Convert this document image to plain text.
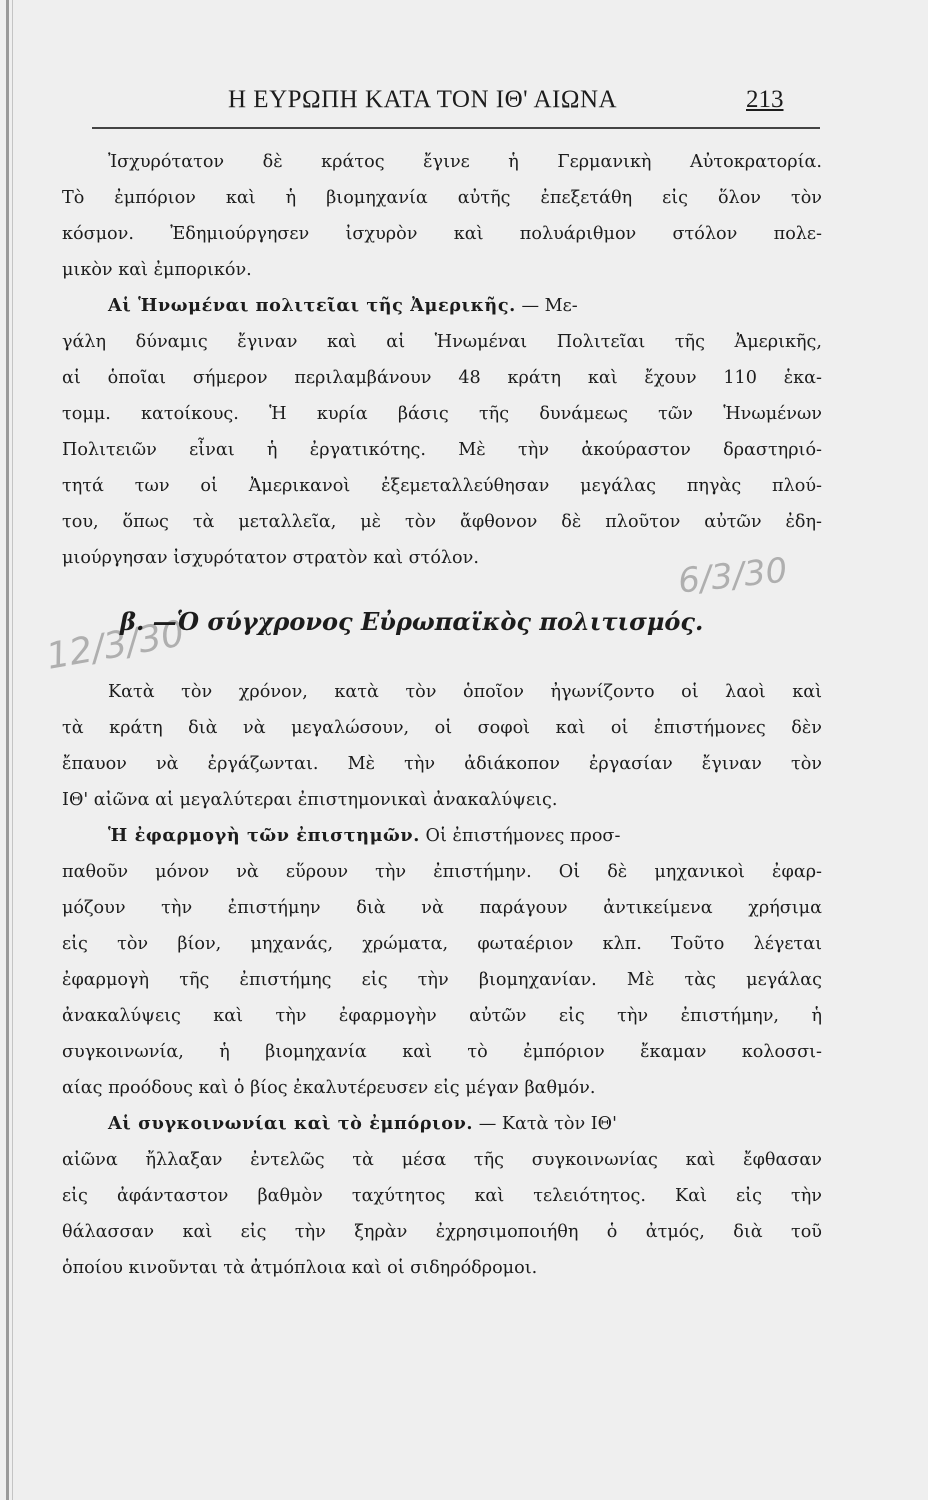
Η ΕΥΡΩΠΗ ΚΑΤΑ ΤΟΝ ΙΘ' ΑΙΩΝΑ	213
Ἰσχυρότατον δὲ κράτος ἔγινε ἡ Γερμανικὴ Αὐτοκρατορία.
Τὸ ἐμπόριον καὶ ἡ βιομηχανία αὐτῆς ἐπεξετάθη εἰς ὅλον τὸν
κόσμον. Ἐδημιούργησεν ἰσχυρὸν καὶ πολυάριθμον στόλον πολε-
μικὸν καὶ ἐμπορικόν.
Αἱ Ἡνωμέναι πολιτεῖαι τῆς Ἀμερικῆς. — Με-
γάλη δύναμις ἔγιναν καὶ αἱ Ἡνωμέναι Πολιτεῖαι τῆς Ἀμερικῆς,
αἱ ὁποῖαι σήμερον περιλαμβάνουν 48 κράτη καὶ ἔχουν 110 ἑκα-
τομμ. κατοίκους. Ἡ κυρία βάσις τῆς δυνάμεως τῶν Ἡνωμένων
Πολιτειῶν εἶναι ἡ ἐργατικότης. Μὲ τὴν ἀκούραστον δραστηριό-
τητά των οἱ Ἀμερικανοὶ ἐξεμεταλλεύθησαν μεγάλας πηγὰς πλού-
του, ὅπως τὰ μεταλλεῖα, μὲ τὸν ἄφθονον δὲ πλοῦτον αὐτῶν ἐδη-
μιούργησαν ἰσχυρότατον στρατὸν καὶ στόλον.	6/3/30
12/3/30
β. —Ὁ σύγχρονος Εὐρωπαϊκὸς πολιτισμός.
Κατὰ τὸν χρόνον, κατὰ τὸν ὁποῖον ἠγωνίζοντο οἱ λαοὶ καὶ
τὰ κράτη διὰ νὰ μεγαλώσουν, οἱ σοφοὶ καὶ οἱ ἐπιστήμονες δὲν
ἔπαυον νὰ ἐργάζωνται. Μὲ τὴν ἀδιάκοπον ἐργασίαν ἔγιναν τὸν
ΙΘ' αἰῶνα αἱ μεγαλύτεραι ἐπιστημονικαὶ ἀνακαλύψεις.
Ἡ ἐφαρμογὴ τῶν ἐπιστημῶν. Οἱ ἐπιστήμονες προσ-
παθοῦν μόνον νὰ εὕρουν τὴν ἐπιστήμην. Οἱ δὲ μηχανικοὶ ἐφαρ-
μόζουν τὴν ἐπιστήμην διὰ νὰ παράγουν ἀντικείμενα χρήσιμα
εἰς τὸν βίον, μηχανάς, χρώματα, φωταέριον κλπ. Τοῦτο λέγεται
ἐφαρμογὴ τῆς ἐπιστήμης εἰς τὴν βιομηχανίαν. Μὲ τὰς μεγάλας
ἀνακαλύψεις καὶ τὴν ἐφαρμογὴν αὐτῶν εἰς τὴν ἐπιστήμην, ἡ
συγκοινωνία, ἡ βιομηχανία καὶ τὸ ἐμπόριον ἔκαμαν κολοσσι-
αίας προόδους καὶ ὁ βίος ἐκαλυτέρευσεν εἰς μέγαν βαθμόν.
Αἱ συγκοινωνίαι καὶ τὸ ἐμπόριον. — Κατὰ τὸν ΙΘ'
αἰῶνα ἤλλαξαν ἐντελῶς τὰ μέσα τῆς συγκοινωνίας καὶ ἔφθασαν
εἰς ἀφάνταστον βαθμὸν ταχύτητος καὶ τελειότητος. Καὶ εἰς τὴν
θάλασσαν καὶ εἰς τὴν ξηρὰν ἐχρησιμοποιήθη ὁ ἀτμός, διὰ τοῦ
ὁποίου κινοῦνται τὰ ἀτμόπλοια καὶ οἱ σιδηρόδρομοι.
